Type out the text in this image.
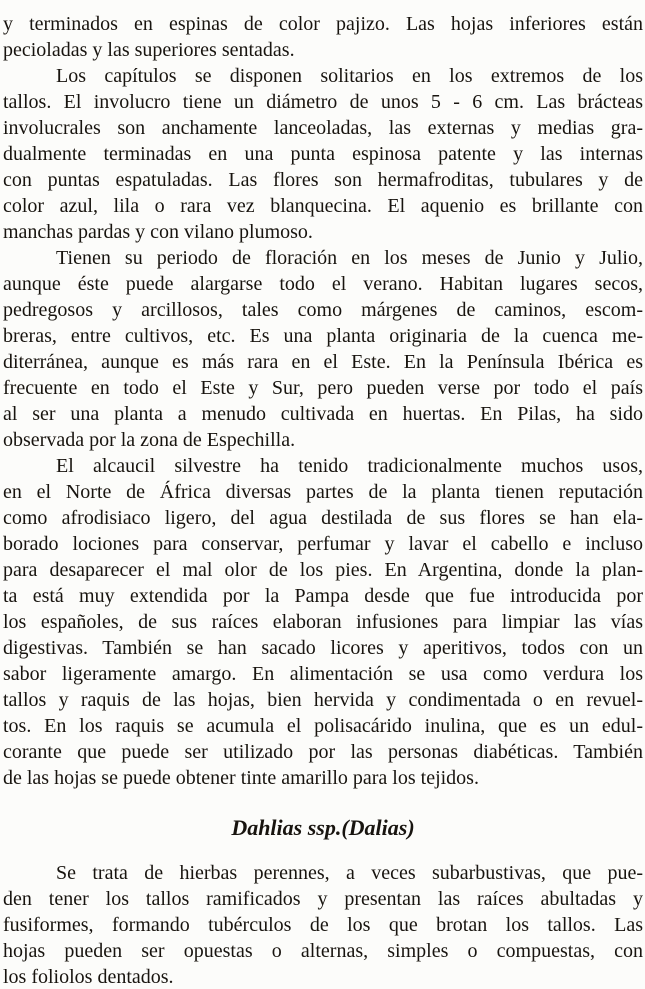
y terminados en espinas de color pajizo. Las hojas inferiores están
pecioladas y las superiores sentadas.
Los capítulos se disponen solitarios en los extremos de los
tallos. El involucro tiene un diámetro de unos 5 - 6 cm. Las brácteas
involucrales son anchamente lanceoladas, las externas y medias gra-
dualmente terminadas en una punta espinosa patente y las internas
con puntas espatuladas. Las flores son hermafroditas, tubulares y de
color azul, lila o rara vez blanquecina. El aquenio es brillante con
manchas pardas y con vilano plumoso.
Tienen su periodo de floración en los meses de Junio y Julio,
aunque éste puede alargarse todo el verano. Habitan lugares secos,
pedregosos y arcillosos, tales como márgenes de caminos, escom-
breras, entre cultivos, etc. Es una planta originaria de la cuenca me-
diterránea, aunque es más rara en el Este. En la Península Ibérica es
frecuente en todo el Este y Sur, pero pueden verse por todo el país
al ser una planta a menudo cultivada en huertas. En Pilas, ha sido
observada por la zona de Espechilla.
El alcaucil silvestre ha tenido tradicionalmente muchos usos,
en el Norte de África diversas partes de la planta tienen reputación
como afrodisiaco ligero, del agua destilada de sus flores se han ela-
borado lociones para conservar, perfumar y lavar el cabello e incluso
para desaparecer el mal olor de los pies. En Argentina, donde la plan-
ta está muy extendida por la Pampa desde que fue introducida por
los españoles, de sus raíces elaboran infusiones para limpiar las vías
digestivas. También se han sacado licores y aperitivos, todos con un
sabor ligeramente amargo. En alimentación se usa como verdura los
tallos y raquis de las hojas, bien hervida y condimentada o en revuel-
tos. En los raquis se acumula el polisacárido inulina, que es un edul-
corante que puede ser utilizado por las personas diabéticas. También
de las hojas se puede obtener tinte amarillo para los tejidos.
Dahlias ssp.(Dalias)
Se trata de hierbas perennes, a veces subarbustivas, que pue-
den tener los tallos ramificados y presentan las raíces abultadas y
fusiformes, formando tubérculos de los que brotan los tallos. Las
hojas pueden ser opuestas o alternas, simples o compuestas, con
los foliolos dentados.
